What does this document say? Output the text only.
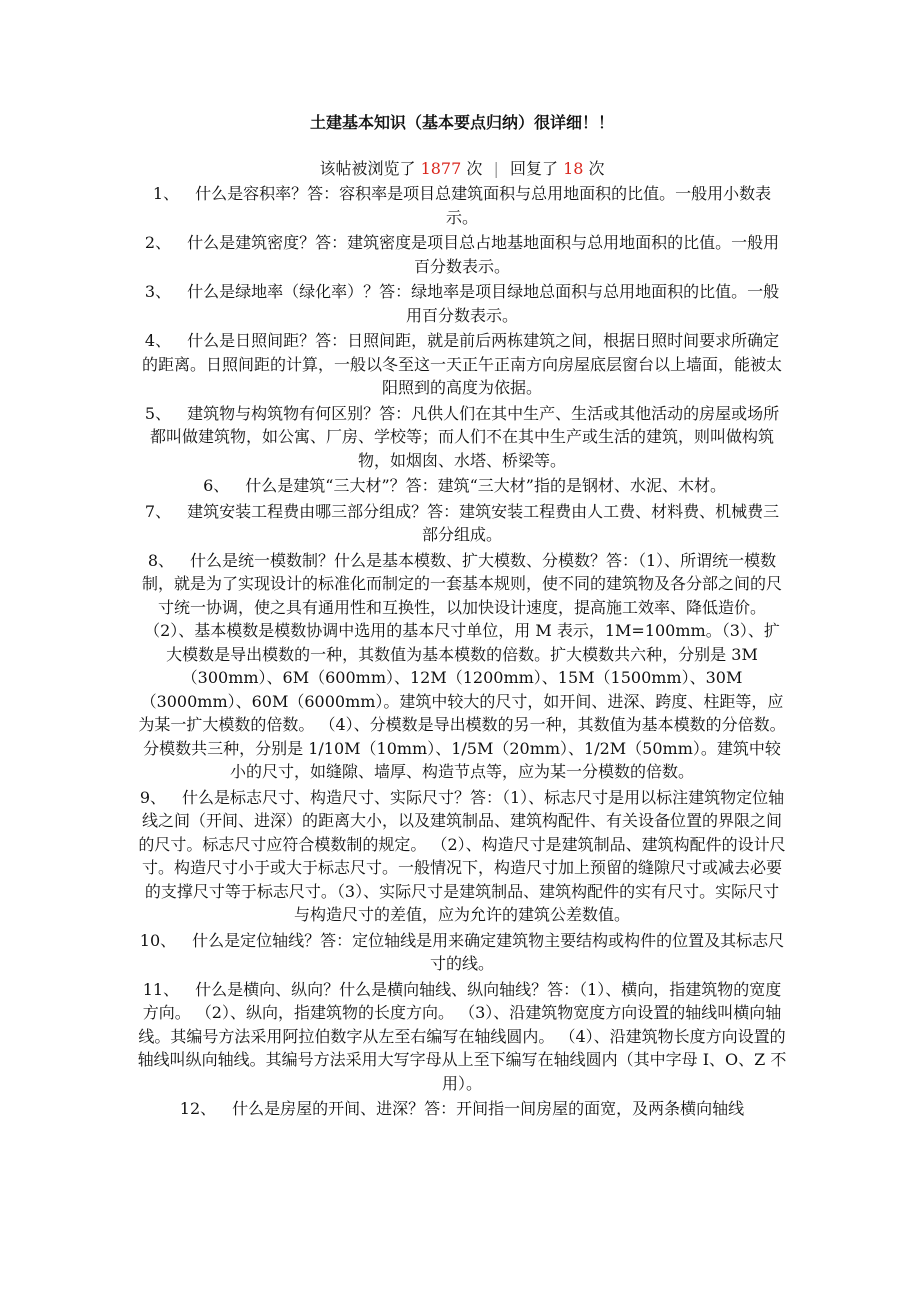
土建基本知识（基本要点归纳）很详细！！
该帖被浏览了 1877 次 | 回复了 18 次

1、  什么是容积率？答：容积率是项目总建筑面积与总用地面积的比值。一般用小数表示。

2、  什么是建筑密度？答：建筑密度是项目总占地基地面积与总用地面积的比值。一般用百分数表示。

3、  什么是绿地率（绿化率）？答：绿地率是项目绿地总面积与总用地面积的比值。一般用百分数表示。

4、  什么是日照间距？答：日照间距，就是前后两栋建筑之间，根据日照时间要求所确定的距离。日照间距的计算，一般以冬至这一天正午正南方向房屋底层窗台以上墙面，能被太阳照到的高度为依据。

5、  建筑物与构筑物有何区别？答：凡供人们在其中生产、生活或其他活动的房屋或场所都叫做建筑物，如公寓、厂房、学校等；而人们不在其中生产或生活的建筑，则叫做构筑物，如烟囱、水塔、桥梁等。

6、  什么是建筑“三大材”？答：建筑“三大材”指的是钢材、水泥、木材。

7、  建筑安装工程费由哪三部分组成？答：建筑安装工程费由人工费、材料费、机械费三部分组成。

8、  什么是统一模数制？什么是基本模数、扩大模数、分模数？答：（1）、所谓统一模数制，就是为了实现设计的标准化而制定的一套基本规则，使不同的建筑物及各分部之间的尺寸统一协调，使之具有通用性和互换性，以加快设计速度，提高施工效率、降低造价。（2）、基本模数是模数协调中选用的基本尺寸单位，用 M 表示，1M=100mm。（3）、扩大模数是导出模数的一种，其数值为基本模数的倍数。扩大模数共六种，分别是 3M（300mm）、6M（600mm）、12M（1200mm）、15M（1500mm）、30M（3000mm）、60M（6000mm）。建筑中较大的尺寸，如开间、进深、跨度、柱距等，应为某一扩大模数的倍数。 （4）、分模数是导出模数的另一种，其数值为基本模数的分倍数。分模数共三种，分别是 1/10M（10mm）、1/5M（20mm）、1/2M（50mm）。建筑中较小的尺寸，如缝隙、墙厚、构造节点等，应为某一分模数的倍数。

9、  什么是标志尺寸、构造尺寸、实际尺寸？答：（1）、标志尺寸是用以标注建筑物定位轴线之间（开间、进深）的距离大小，以及建筑制品、建筑构配件、有关设备位置的界限之间的尺寸。标志尺寸应符合模数制的规定。 （2）、构造尺寸是建筑制品、建筑构配件的设计尺寸。构造尺寸小于或大于标志尺寸。一般情况下，构造尺寸加上预留的缝隙尺寸或减去必要的支撑尺寸等于标志尺寸。（3）、实际尺寸是建筑制品、建筑构配件的实有尺寸。实际尺寸与构造尺寸的差值，应为允许的建筑公差数值。

10、  什么是定位轴线？答：定位轴线是用来确定建筑物主要结构或构件的位置及其标志尺寸的线。

11、  什么是横向、纵向？什么是横向轴线、纵向轴线？答：（1）、横向，指建筑物的宽度方向。 （2）、纵向，指建筑物的长度方向。 （3）、沿建筑物宽度方向设置的轴线叫横向轴线。其编号方法采用阿拉伯数字从左至右编写在轴线圆内。 （4）、沿建筑物长度方向设置的轴线叫纵向轴线。其编号方法采用大写字母从上至下编写在轴线圆内（其中字母 I、O、Z 不用）。

12、  什么是房屋的开间、进深？答：开间指一间房屋的面宽，及两条横向轴线
